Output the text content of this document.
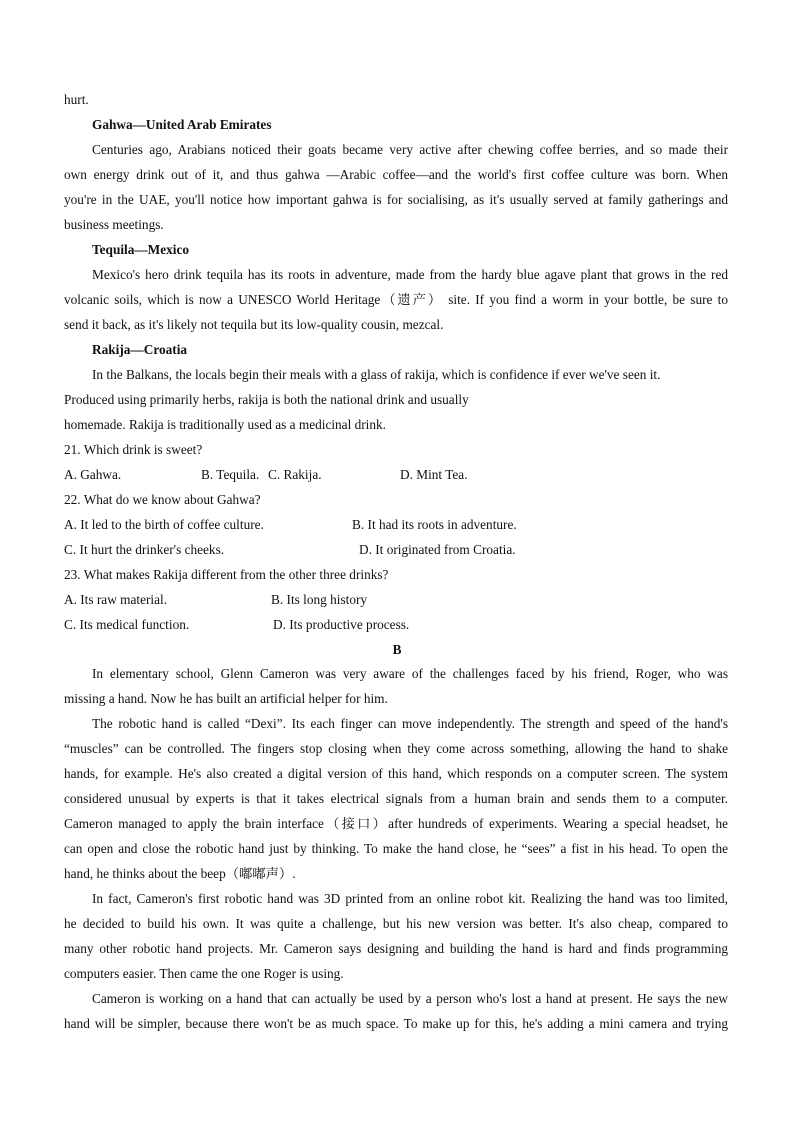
hurt.
Gahwa—United Arab Emirates
Centuries ago, Arabians noticed their goats became very active after chewing coffee berries, and so made their
own energy drink out of it, and thus gahwa —Arabic coffee—and the world's first coffee culture was born. When
you're in the UAE, you'll notice how important gahwa is for socialising, as it's usually served at family gatherings and
business meetings.
Tequila—Mexico
Mexico's hero drink tequila has its roots in adventure, made from the hardy blue agave plant that grows in the red
volcanic soils, which is now a UNESCO World Heritage（遗产） site. If you find a worm in your bottle, be sure to
send it back, as it's likely not tequila but its low-quality cousin, mezcal.
Rakija—Croatia
In the Balkans, the locals begin their meals with a glass of rakija, which is confidence if ever we've seen it.
Produced using primarily herbs, rakija is both the national drink and usually
homemade. Rakija is traditionally used as a medicinal drink.
21. Which drink is sweet?
A. Gahwa.	B. Tequila. C. Rakija.	D. Mint Tea.
22. What do we know about Gahwa?
A. It led to the birth of coffee culture.	B. It had its roots in adventure.
C. It hurt the drinker's cheeks.	D. It originated from Croatia.
23. What makes Rakija different from the other three drinks?
A. Its raw material.	B. Its long history
C. Its medical function.	D. Its productive process.
B
In elementary school, Glenn Cameron was very aware of the challenges faced by his friend, Roger, who was
missing a hand. Now he has built an artificial helper for him.
The robotic hand is called “Dexi”. Its each finger can move independently. The strength and speed of the hand's
“muscles” can be controlled. The fingers stop closing when they come across something, allowing the hand to shake
hands, for example. He's also created a digital version of this hand, which responds on a computer screen. The system
considered unusual by experts is that it takes electrical signals from a human brain and sends them to a computer.
Cameron managed to apply the brain interface（接口）after hundreds of experiments. Wearing a special headset, he
can open and close the robotic hand just by thinking. To make the hand close, he “sees” a fist in his head. To open the
hand, he thinks about the beep（嘟嘟声）.
In fact, Cameron's first robotic hand was 3D printed from an online robot kit. Realizing the hand was too limited,
he decided to build his own. It was quite a challenge, but his new version was better. It's also cheap, compared to
many other robotic hand projects. Mr. Cameron says designing and building the hand is hard and finds programming
computers easier. Then came the one Roger is using.
Cameron is working on a hand that can actually be used by a person who's lost a hand at present. He says the new
hand will be simpler, because there won't be as much space. To make up for this, he's adding a mini camera and trying
